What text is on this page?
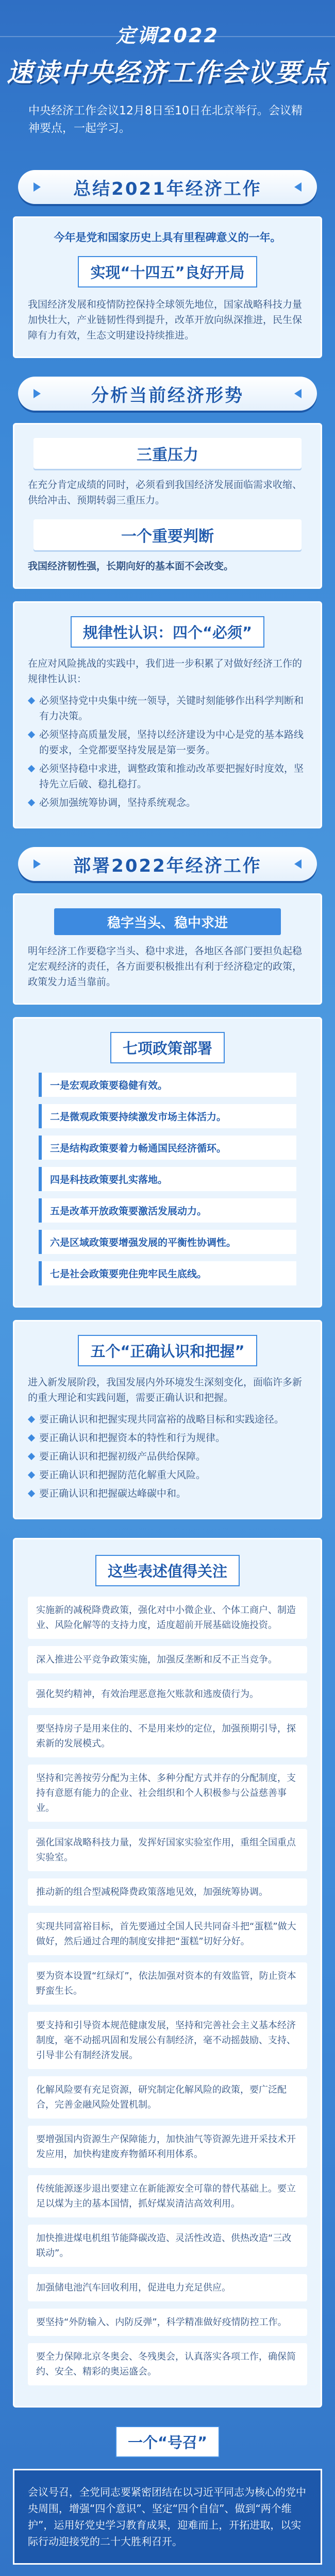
定调2022
速读中央经济工作会议要点
中央经济工作会议12月8日至10日在北京举行。会议精神要点，一起学习。
总结2021年经济工作
今年是党和国家历史上具有里程碑意义的一年。
实现“十四五”良好开局
我国经济发展和疫情防控保持全球领先地位，国家战略科技力量加快壮大，产业链韧性得到提升，改革开放向纵深推进，民生保障有力有效，生态文明建设持续推进。
分析当前经济形势
三重压力
在充分肯定成绩的同时，必须看到我国经济发展面临需求收缩、供给冲击、预期转弱三重压力。
一个重要判断
我国经济韧性强，长期向好的基本面不会改变。
规律性认识：四个“必须”
在应对风险挑战的实践中，我们进一步积累了对做好经济工作的规律性认识：
必须坚持党中央集中统一领导，关键时刻能够作出科学判断和有力决策。
必须坚持高质量发展，坚持以经济建设为中心是党的基本路线的要求，全党都要坚持发展是第一要务。
必须坚持稳中求进，调整政策和推动改革要把握好时度效，坚持先立后破、稳扎稳打。
必须加强统筹协调，坚持系统观念。
部署2022年经济工作
稳字当头、稳中求进
明年经济工作要稳字当头、稳中求进，各地区各部门要担负起稳定宏观经济的责任，各方面要积极推出有利于经济稳定的政策，政策发力适当靠前。
七项政策部署
一是宏观政策要稳健有效。
二是微观政策要持续激发市场主体活力。
三是结构政策要着力畅通国民经济循环。
四是科技政策要扎实落地。
五是改革开放政策要激活发展动力。
六是区域政策要增强发展的平衡性协调性。
七是社会政策要兜住兜牢民生底线。
五个“正确认识和把握”
进入新发展阶段，我国发展内外环境发生深刻变化，面临许多新的重大理论和实践问题，需要正确认识和把握。
要正确认识和把握实现共同富裕的战略目标和实践途径。
要正确认识和把握资本的特性和行为规律。
要正确认识和把握初级产品供给保障。
要正确认识和把握防范化解重大风险。
要正确认识和把握碳达峰碳中和。
这些表述值得关注
实施新的减税降费政策，强化对中小微企业、个体工商户、制造业、风险化解等的支持力度，适度超前开展基础设施投资。
深入推进公平竞争政策实施，加强反垄断和反不正当竞争。
强化契约精神，有效治理恶意拖欠账款和逃废债行为。
要坚持房子是用来住的、不是用来炒的定位，加强预期引导，探索新的发展模式。
坚持和完善按劳分配为主体、多种分配方式并存的分配制度，支持有意愿有能力的企业、社会组织和个人积极参与公益慈善事业。
强化国家战略科技力量，发挥好国家实验室作用，重组全国重点实验室。
推动新的组合型减税降费政策落地见效，加强统筹协调。
实现共同富裕目标，首先要通过全国人民共同奋斗把“蛋糕”做大做好，然后通过合理的制度安排把“蛋糕”切好分好。
要为资本设置“红绿灯”，依法加强对资本的有效监管，防止资本野蛮生长。
要支持和引导资本规范健康发展，坚持和完善社会主义基本经济制度，毫不动摇巩固和发展公有制经济，毫不动摇鼓励、支持、引导非公有制经济发展。
化解风险要有充足资源，研究制定化解风险的政策，要广泛配合，完善金融风险处置机制。
要增强国内资源生产保障能力，加快油气等资源先进开采技术开发应用，加快构建废弃物循环利用体系。
传统能源逐步退出要建立在新能源安全可靠的替代基础上。要立足以煤为主的基本国情，抓好煤炭清洁高效利用。
加快推进煤电机组节能降碳改造、灵活性改造、供热改造“三改联动”。
加强储电池汽车回收利用，促进电力充足供应。
要坚持“外防输入、内防反弹”，科学精准做好疫情防控工作。
要全力保障北京冬奥会、冬残奥会，认真落实各项工作，确保简约、安全、精彩的奥运盛会。
一个“号召”
会议号召，全党同志要紧密团结在以习近平同志为核心的党中央周围，增强“四个意识”、坚定“四个自信”、做到“两个维护”，运用好党史学习教育成果，迎难而上，开拓进取，以实际行动迎接党的二十大胜利召开。
